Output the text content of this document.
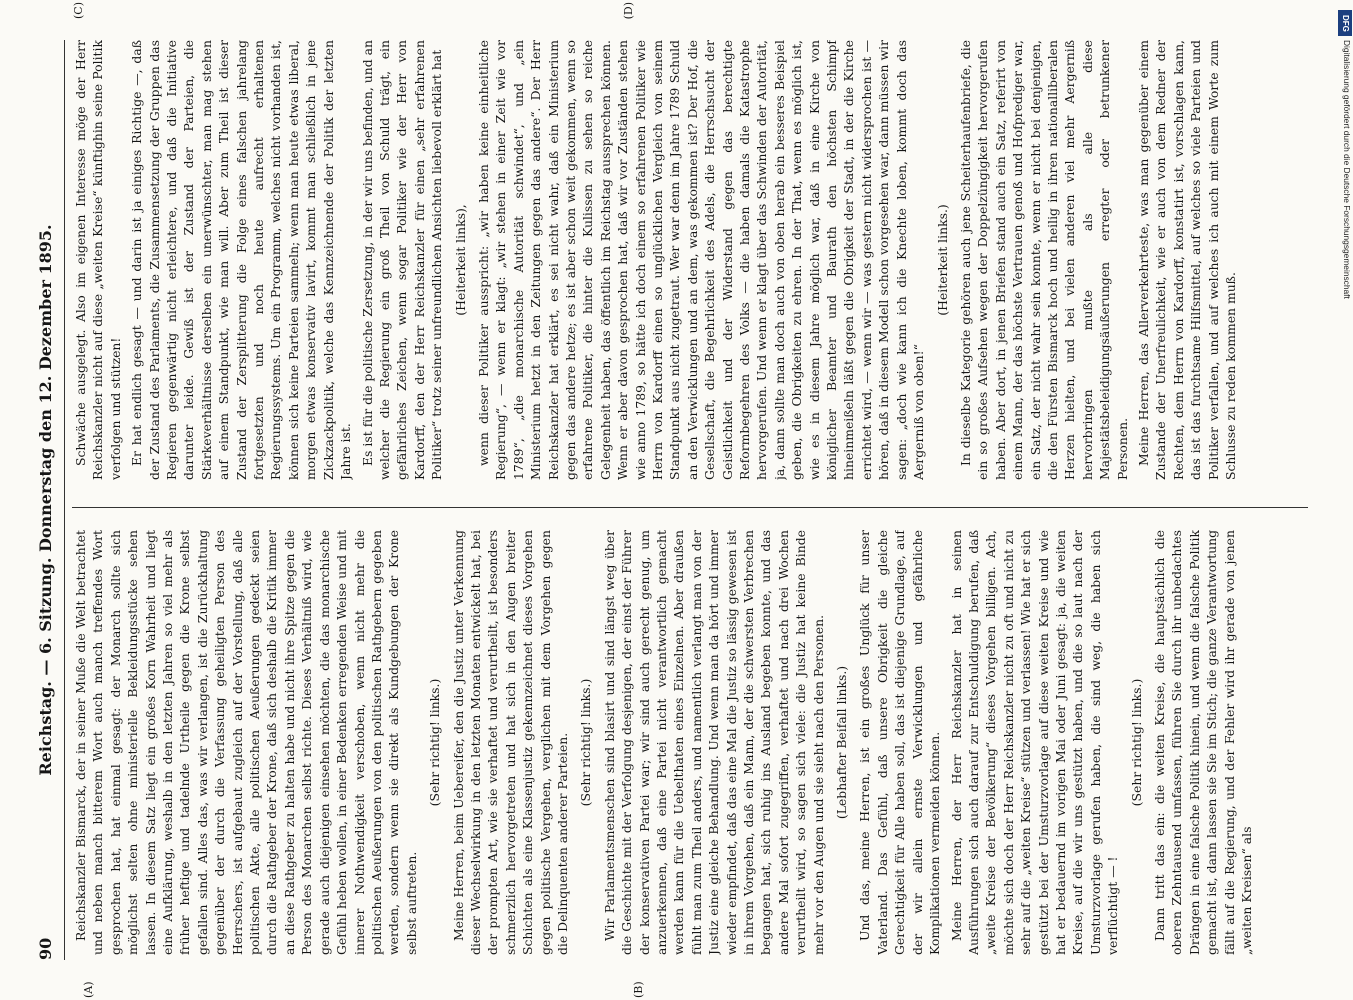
90
Reichstag. — 6. Sitzung. Donnerstag den 12. Dezember 1895.
(A)	(B)
(C)	(D)

Reichskanzler Bismarck, der in seiner Muße die Welt betrachtet und neben manch bitterem Wort auch manch treffendes Wort gesprochen hat, hat einmal gesagt: der Monarch sollte sich möglichst selten ohne ministerielle Bekleidungsstücke sehen lassen. In diesem Satz liegt ein großes Korn Wahrheit und liegt eine Aufklärung, weshalb in den letzten Jahren so viel mehr als früher heftige und tadelnde Urtheile gegen die Krone selbst gefallen sind. Alles das, was wir verlangen, ist die Zurückhaltung gegenüber der durch die Verfassung geheiligten Person des Herrschers, ist aufgebaut zugleich auf der Vorstellung, daß alle politischen Akte, alle politischen Aeußerungen gedeckt seien durch die Rathgeber der Krone, daß sich deshalb die Kritik immer an diese Rathgeber zu halten habe und nicht ihre Spitze gegen die Person des Monarchen selbst richte. Dieses Verhältniß wird, wie gerade auch diejenigen einsehen möchten, die das monarchische Gefühl heben wollen, in einer Bedenken erregenden Weise und mit innerer Nothwendigkeit verschoben, wenn nicht mehr die politischen Aeußerungen von den politischen Rathgebern gegeben werden, sondern wenn sie direkt als Kundgebungen der Krone selbst auftreten.

(Sehr richtig! links.) Meine Herren, beim Uebereifer, den die Justiz unter Verkennung dieser Wechselwirkung in den letzten Monaten entwickelt hat, bei der prompten Art, wie sie verhaftet und verurtheilt, ist besonders schmerzlich hervorgetreten und hat sich in den Augen breiter Schichten als eine Klassenjustiz gekennzeichnet dieses Vorgehen gegen politische Vergehen, verglichen mit dem Vorgehen gegen die Delinquenten anderer Parteien. (Sehr richtig! links.) Wir Parlamentsmenschen sind blasirt und sind längst weg über die Geschichte mit der Verfolgung desjenigen, der einst der Führer der konservativen Partei war; wir sind auch gerecht genug, um anzuerkennen, daß eine Partei nicht verantwortlich gemacht werden kann für die Uebelthaten eines Einzelnen. Aber draußen fühlt man zum Theil anders, und namentlich verlangt man von der Justiz eine gleiche Behandlung. Und wenn man da hört und immer wieder empfindet, daß das eine Mal die Justiz so lässig gewesen ist in ihrem Vorgehen, daß ein Mann, der die schwersten Verbrechen begangen hat, sich ruhig ins Ausland begeben konnte, und das andere Mal sofort zugegriffen, verhaftet und nach drei Wochen verurtheilt wird, so sagen sich viele: die Justiz hat keine Binde mehr vor den Augen und sie sieht nach den Personen. (Lebhafter Beifall links.) Und das, meine Herren, ist ein großes Unglück für unser Vaterland. Das Gefühl, daß unsere Obrigkeit die gleiche Gerechtigkeit für Alle haben soll, das ist diejenige Grundlage, auf der wir allein ernste Verwicklungen und gefährliche Komplikationen vermeiden können. Meine Herren, der Herr Reichskanzler hat in seinen Ausführungen sich auch darauf zur Entschuldigung berufen, daß „weite Kreise der Bevölkerung“ dieses Vorgehen billigen. Ach, möchte sich doch der Herr Reichskanzler nicht zu oft und nicht zu sehr auf die „weiten Kreise“ stützen und verlassen! Wie hat er sich gestützt bei der Umsturzvorlage auf diese weiten Kreise und wie hat er bedauernd im vorigen Mai oder Juni gesagt: ja, die weiten Kreise, auf die wir uns gestützt haben, und die so laut nach der Umsturzvorlage gerufen haben, die sind weg, die haben sich verflüchtigt — !

(Sehr richtig! links.) Dann tritt das ein: die weiten Kreise, die hauptsächlich die oberen Zehntausend umfassen, führen Sie durch ihr unbedachtes Drängen in eine falsche Politik hinein, und wenn die falsche Politik gemacht ist, dann lassen sie Sie im Stich; die ganze Verantwortung fällt auf die Regierung, und der Fehler wird ihr gerade von jenen „weiten Kreisen“ als

Schwäche ausgelegt. Also im eigenen Interesse möge der Herr Reichskanzler nicht auf diese „weiten Kreise“ künftighin seine Politik verfolgen und stützen! Er hat endlich gesagt — und darin ist ja einiges Richtige —, daß der Zustand des Parlaments, die Zusammensetzung der Gruppen das Regieren gegenwärtig nicht erleichtere, und daß die Initiative darunter leide. Gewiß ist der Zustand der Parteien, die Stärkeverhältnisse derselben ein unerwünschter, man mag stehen auf einem Standpunkt, wie man will. Aber zum Theil ist dieser Zustand der Zersplitterung die Folge eines falschen jahrelang fortgesetzten und noch heute aufrecht erhaltenen Regierungssystems. Um ein Programm, welches nicht vorhanden ist, können sich keine Parteien sammeln; wenn man heute etwas liberal, morgen etwas konservativ lavirt, kommt man schließlich in jene Zickzackpolitik, welche das Kennzeichnende der Politik der letzten Jahre ist. Es ist für die politische Zersetzung, in der wir uns befinden, und an welcher die Regierung ein groß Theil von Schuld trägt, ein gefährliches Zeichen, wenn sogar Politiker wie der Herr von Kardorff, den der Herr Reichskanzler für einen „sehr erfahrenen Politiker“ trotz seiner unfreundlichen Ansichten liebevoll erklärt hat (Heiterkeit links), wenn dieser Politiker ausspricht: „wir haben keine einheitliche Regierung“, — wenn er klagt: „wir stehen in einer Zeit wie vor 1789“, „die monarchische Autorität schwindet“, und „ein Ministerium hetzt in den Zeitungen gegen das andere“. Der Herr Reichskanzler hat erklärt, es sei nicht wahr, daß ein Ministerium gegen das andere hetze; es ist aber schon weit gekommen, wenn so erfahrene Politiker, die hinter die Kulissen zu sehen so reiche Gelegenheit haben, das öffentlich im Reichstag aussprechen können. Wenn er aber davon gesprochen hat, daß wir vor Zuständen stehen wie anno 1789, so hätte ich doch einem so erfahrenen Politiker wie Herrn von Kardorff einen so unglücklichen Vergleich von seinem Standpunkt aus nicht zugetraut. Wer war denn im Jahre 1789 Schuld an den Verwicklungen und an dem, was gekommen ist? Der Hof, die Gesellschaft, die Begehrlichkeit des Adels, die Herrschsucht der Geistlichkeit und der Widerstand gegen das berechtigte Reformbegehren des Volks — die haben damals die Katastrophe hervorgerufen. Und wenn er klagt über das Schwinden der Autorität, ja, dann sollte man doch auch von oben herab ein besseres Beispiel geben, die Obrigkeiten zu ehren. In der That, wenn es möglich ist, wie es in diesem Jahre möglich war, daß in eine Kirche von königlicher Beamter und Baurath den höchsten Schimpf hineinmeißeln läßt gegen die Obrigkeit der Stadt, in der die Kirche errichtet wird, — wenn wir — was gestern nicht widersprochen ist — hören, daß in diesem Modell schon vorgesehen war, dann müssen wir sagen: „doch wie kann ich die Knechte loben, kommt doch das Aergerniß von oben!“

(Heiterkeit links.) In dieselbe Kategorie gehören auch jene Scheiterhaufenbriefe, die ein so großes Aufsehen wegen der Doppelzüngigkeit hervorgerufen haben. Aber dort, in jenen Briefen stand auch ein Satz, referirt von einem Mann, der das höchste Vertrauen genoß und Hofprediger war, ein Satz, der nicht wahr sein konnte, wenn er nicht bei denjenigen, die den Fürsten Bismarck hoch und heilig in ihren nationalliberalen Herzen hielten, und bei vielen anderen viel mehr Aergerniß hervorbringen mußte als alle diese Majestätsbeleidigungsäußerungen erregter oder betrunkener Personen. Meine Herren, das Allerverkehrteste, was man gegenüber einem Zustande der Unerfreulichkeit, wie er auch von dem Redner der Rechten, dem Herrn von Kardorff, konstatirt ist, vorschlagen kann, das ist das furchtsame Hilfsmittel, auf welches so viele Parteien und Politiker verfallen, und auf welches ich auch mit einem Worte zum Schlusse zu reden kommen muß.

DFG
Digitalisierung gefördert durch die Deutsche Forschungsgemeinschaft
